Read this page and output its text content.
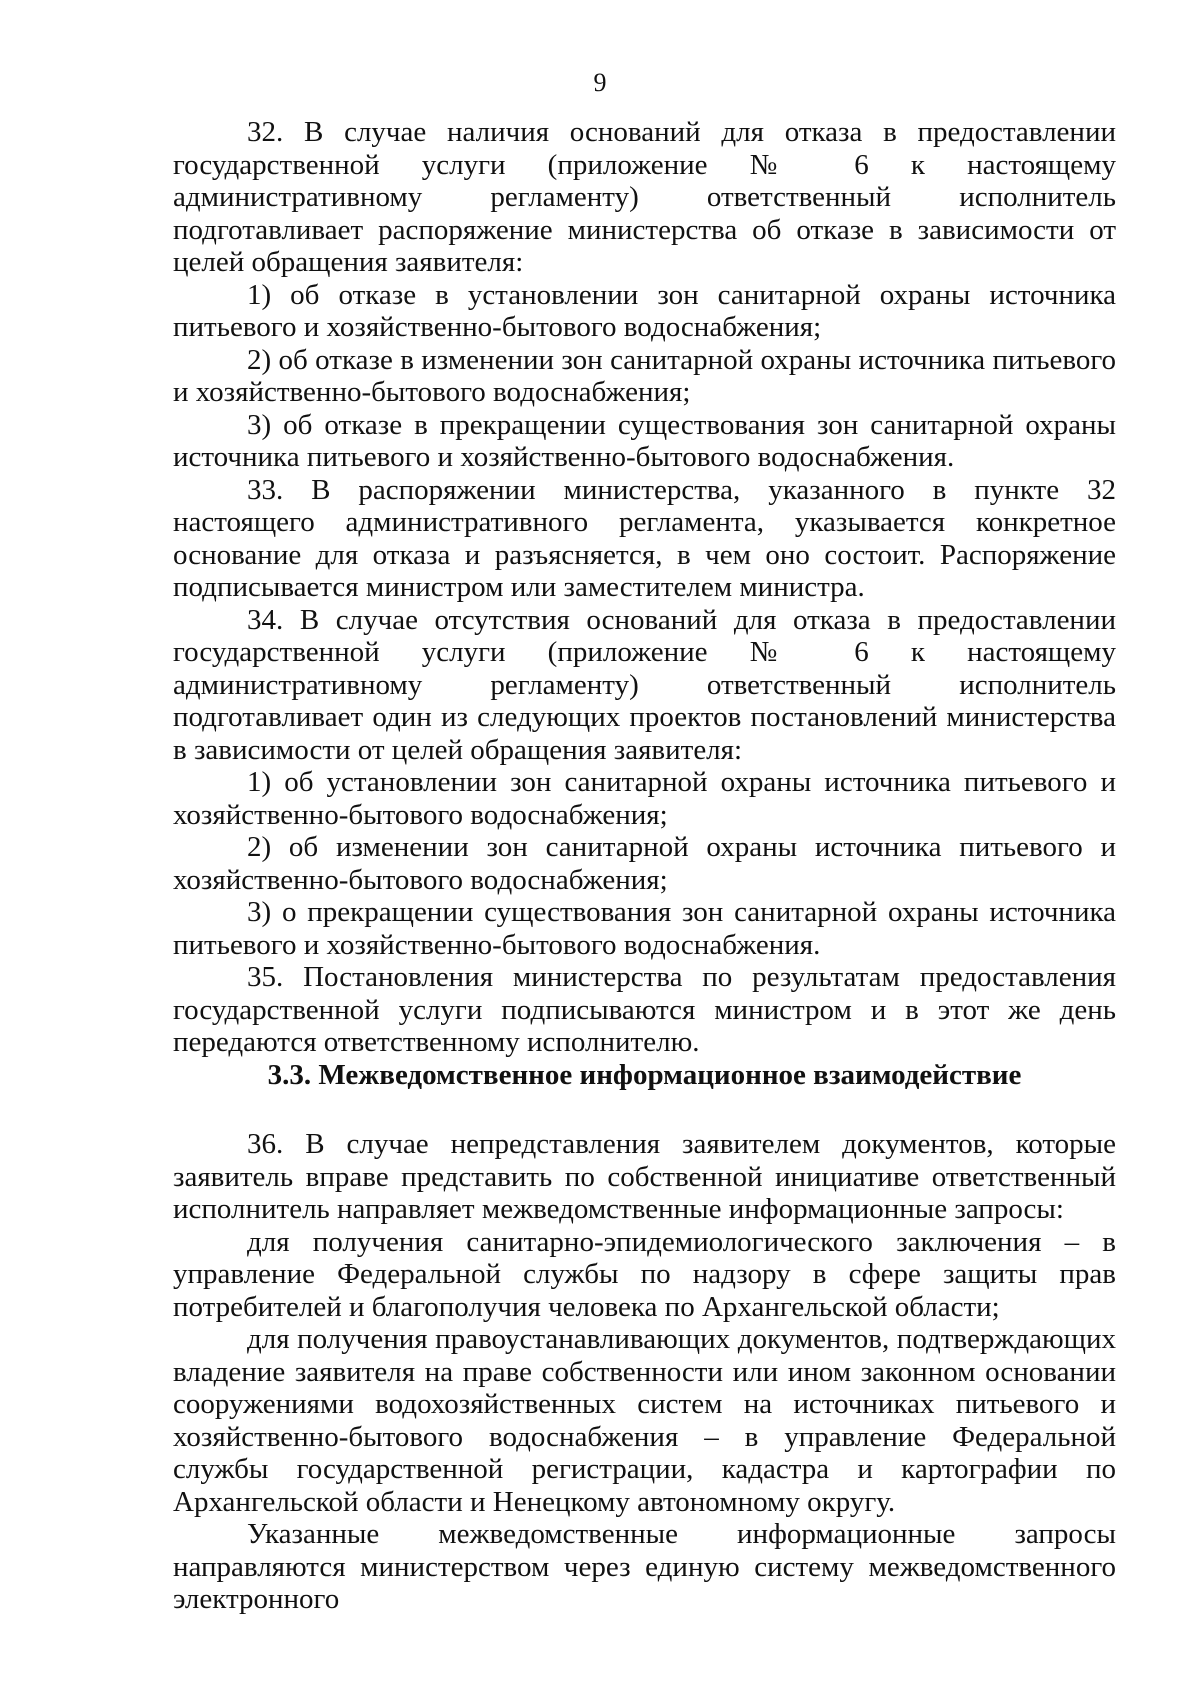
9

32. В случае наличия оснований для отказа в предоставлении государственной услуги (приложение № 6 к настоящему административному регламенту) ответственный исполнитель подготавливает распоряжение министерства об отказе в зависимости от целей обращения заявителя:

1) об отказе в установлении зон санитарной охраны источника питьевого и хозяйственно-бытового водоснабжения;

2) об отказе в изменении зон санитарной охраны источника питьевого и хозяйственно-бытового водоснабжения;

3) об отказе в прекращении существования зон санитарной охраны источника питьевого и хозяйственно-бытового водоснабжения.

33. В распоряжении министерства, указанного в пункте 32 настоящего административного регламента, указывается конкретное основание для отказа и разъясняется, в чем оно состоит. Распоряжение подписывается министром или заместителем министра.

34. В случае отсутствия оснований для отказа в предоставлении государственной услуги (приложение № 6 к настоящему административному регламенту) ответственный исполнитель подготавливает один из следующих проектов постановлений министерства в зависимости от целей обращения заявителя:

1) об установлении зон санитарной охраны источника питьевого и хозяйственно-бытового водоснабжения;

2) об изменении зон санитарной охраны источника питьевого и хозяйственно-бытового водоснабжения;

3) о прекращении существования зон санитарной охраны источника питьевого и хозяйственно-бытового водоснабжения.

35. Постановления министерства по результатам предоставления государственной услуги подписываются министром и в этот же день передаются ответственному исполнителю.

3.3. Межведомственное информационное взаимодействие

36. В случае непредставления заявителем документов, которые заявитель вправе представить по собственной инициативе ответственный исполнитель направляет межведомственные информационные запросы:

для получения санитарно-эпидемиологического заключения – в управление Федеральной службы по надзору в сфере защиты прав потребителей и благополучия человека по Архангельской области;

для получения правоустанавливающих документов, подтверждающих владение заявителя на праве собственности или ином законном основании сооружениями водохозяйственных систем на источниках питьевого и хозяйственно-бытового водоснабжения – в управление Федеральной службы государственной регистрации, кадастра и картографии по Архангельской области и Ненецкому автономному округу.

Указанные межведомственные информационные запросы направляются министерством через единую систему межведомственного электронного
